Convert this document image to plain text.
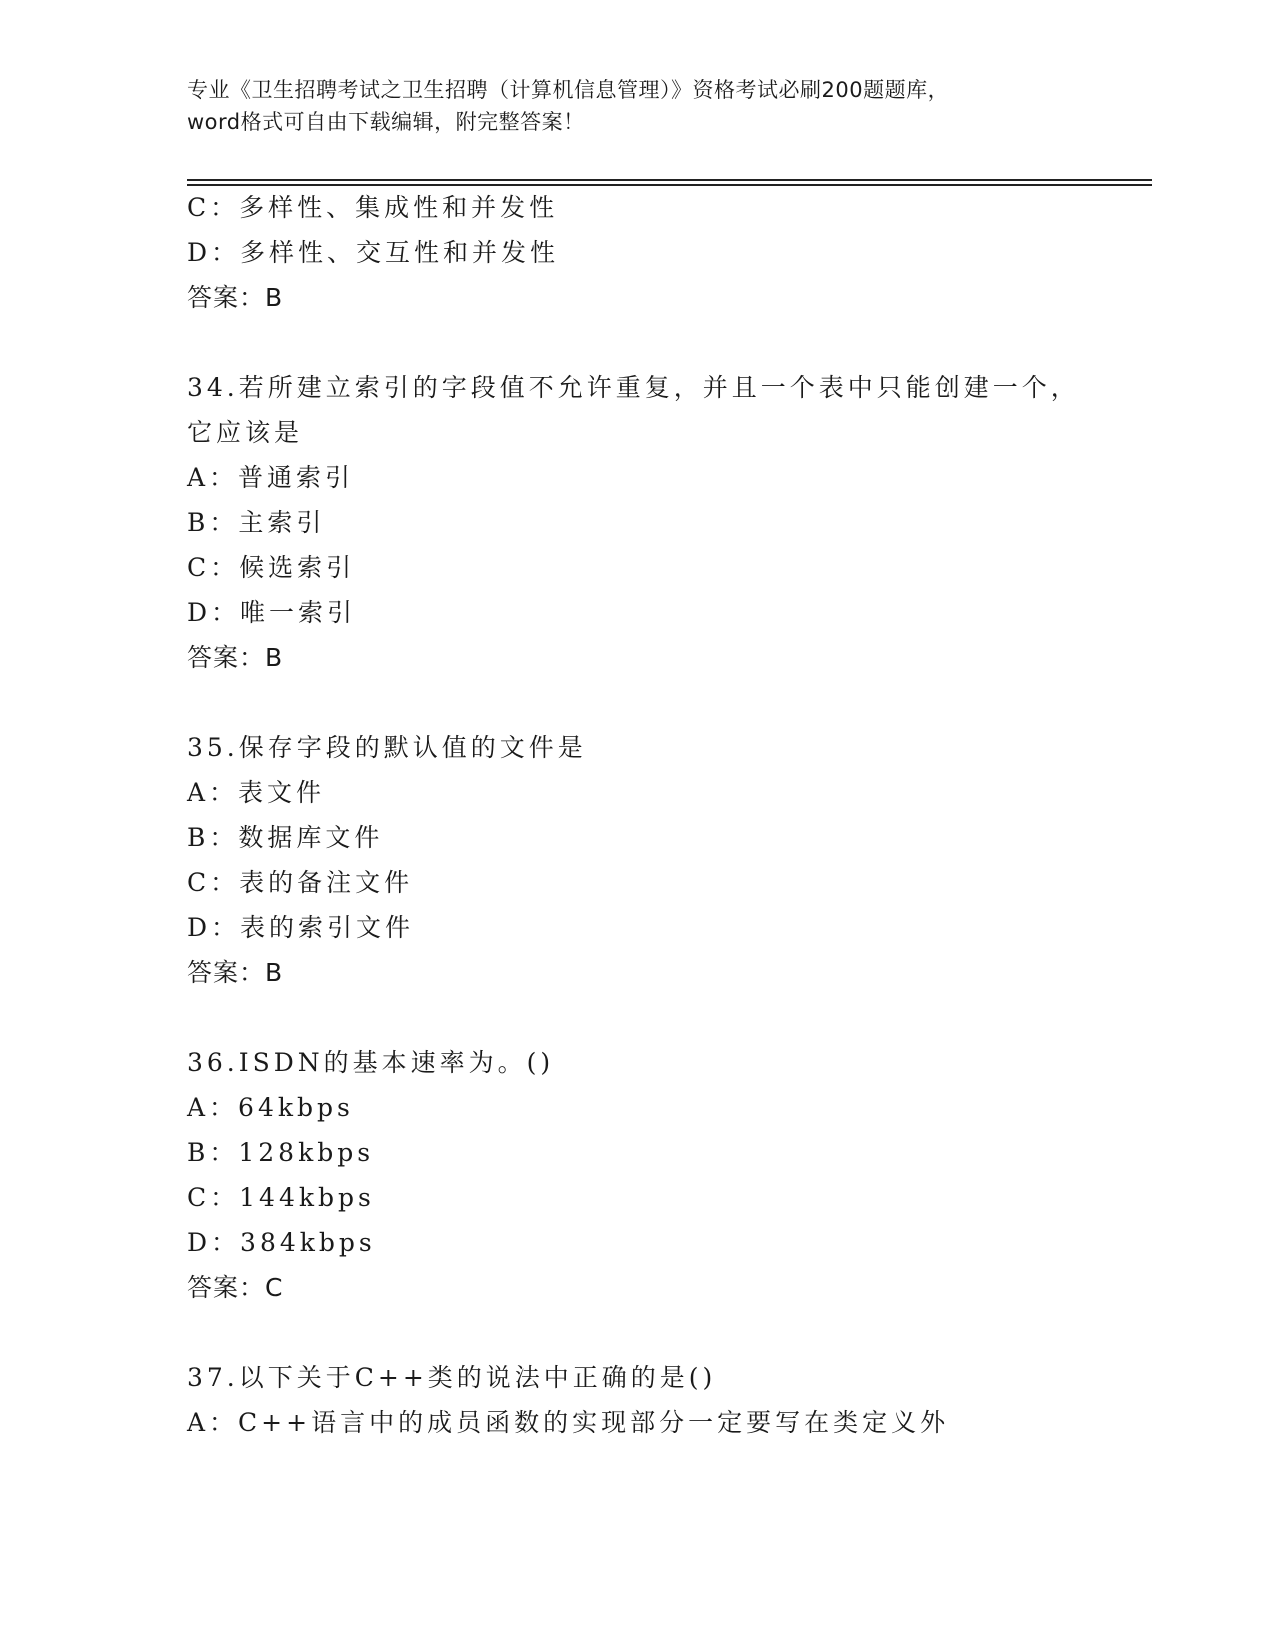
专业《卫生招聘考试之卫生招聘（计算机信息管理）》资格考试必刷200题题库，
word格式可自由下载编辑，附完整答案！
C：多样性、集成性和并发性
D：多样性、交互性和并发性
答案：B
34.若所建立索引的字段值不允许重复，并且一个表中只能创建一个，
它应该是
A：普通索引
B：主索引
C：候选索引
D：唯一索引
答案：B
35.保存字段的默认值的文件是
A：表文件
B：数据库文件
C：表的备注文件
D：表的索引文件
答案：B
36.ISDN的基本速率为。()
A：64kbps
B：128kbps
C：144kbps
D：384kbps
答案：C
37.以下关于C++类的说法中正确的是()
A：C++语言中的成员函数的实现部分一定要写在类定义外
